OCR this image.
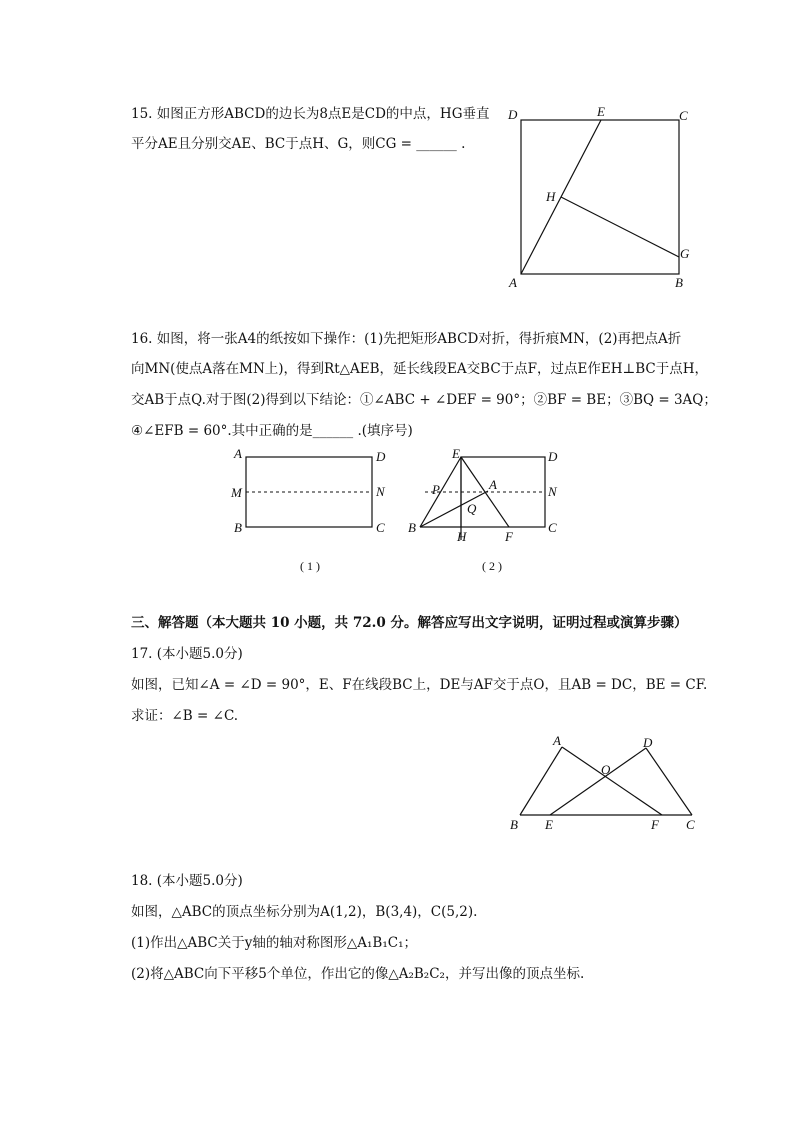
15. 如图正方形ABCD的边长为8点E是CD的中点，HG垂直
平分AE且分别交AE、BC于点H、G，则CG = ______ .
D	E	C
H
G
A	B
16. 如图，将一张A4的纸按如下操作：(1)先把矩形ABCD对折，得折痕MN，(2)再把点A折
向MN(使点A落在MN上)，得到Rt△AEB，延长线段EA交BC于点F，过点E作EH⊥BC于点H，
交AB于点Q.对于图(2)得到以下结论：①∠ABC + ∠DEF = 90°；②BF = BE；③BQ = 3AQ；
④∠EFB = 60°.其中正确的是______ .(填序号)
A	D
M	N
B	C
( 1 )
E	D
P	A	N
Q
B
H	F
C
( 2 )
三、解答题（本大题共 10 小题，共 72.0 分。解答应写出文字说明，证明过程或演算步骤）
17. (本小题5.0分)
如图，已知∠A = ∠D = 90°，E、F在线段BC上，DE与AF交于点O，且AB = DC，BE = CF.
求证：∠B = ∠C.
A	D
O
B E	F C
18. (本小题5.0分)
如图，△ABC的顶点坐标分别为A(1,2)，B(3,4)，C(5,2).
(1)作出△ABC关于y轴的轴对称图形△A₁B₁C₁；
(2)将△ABC向下平移5个单位，作出它的像△A₂B₂C₂，并写出像的顶点坐标.
